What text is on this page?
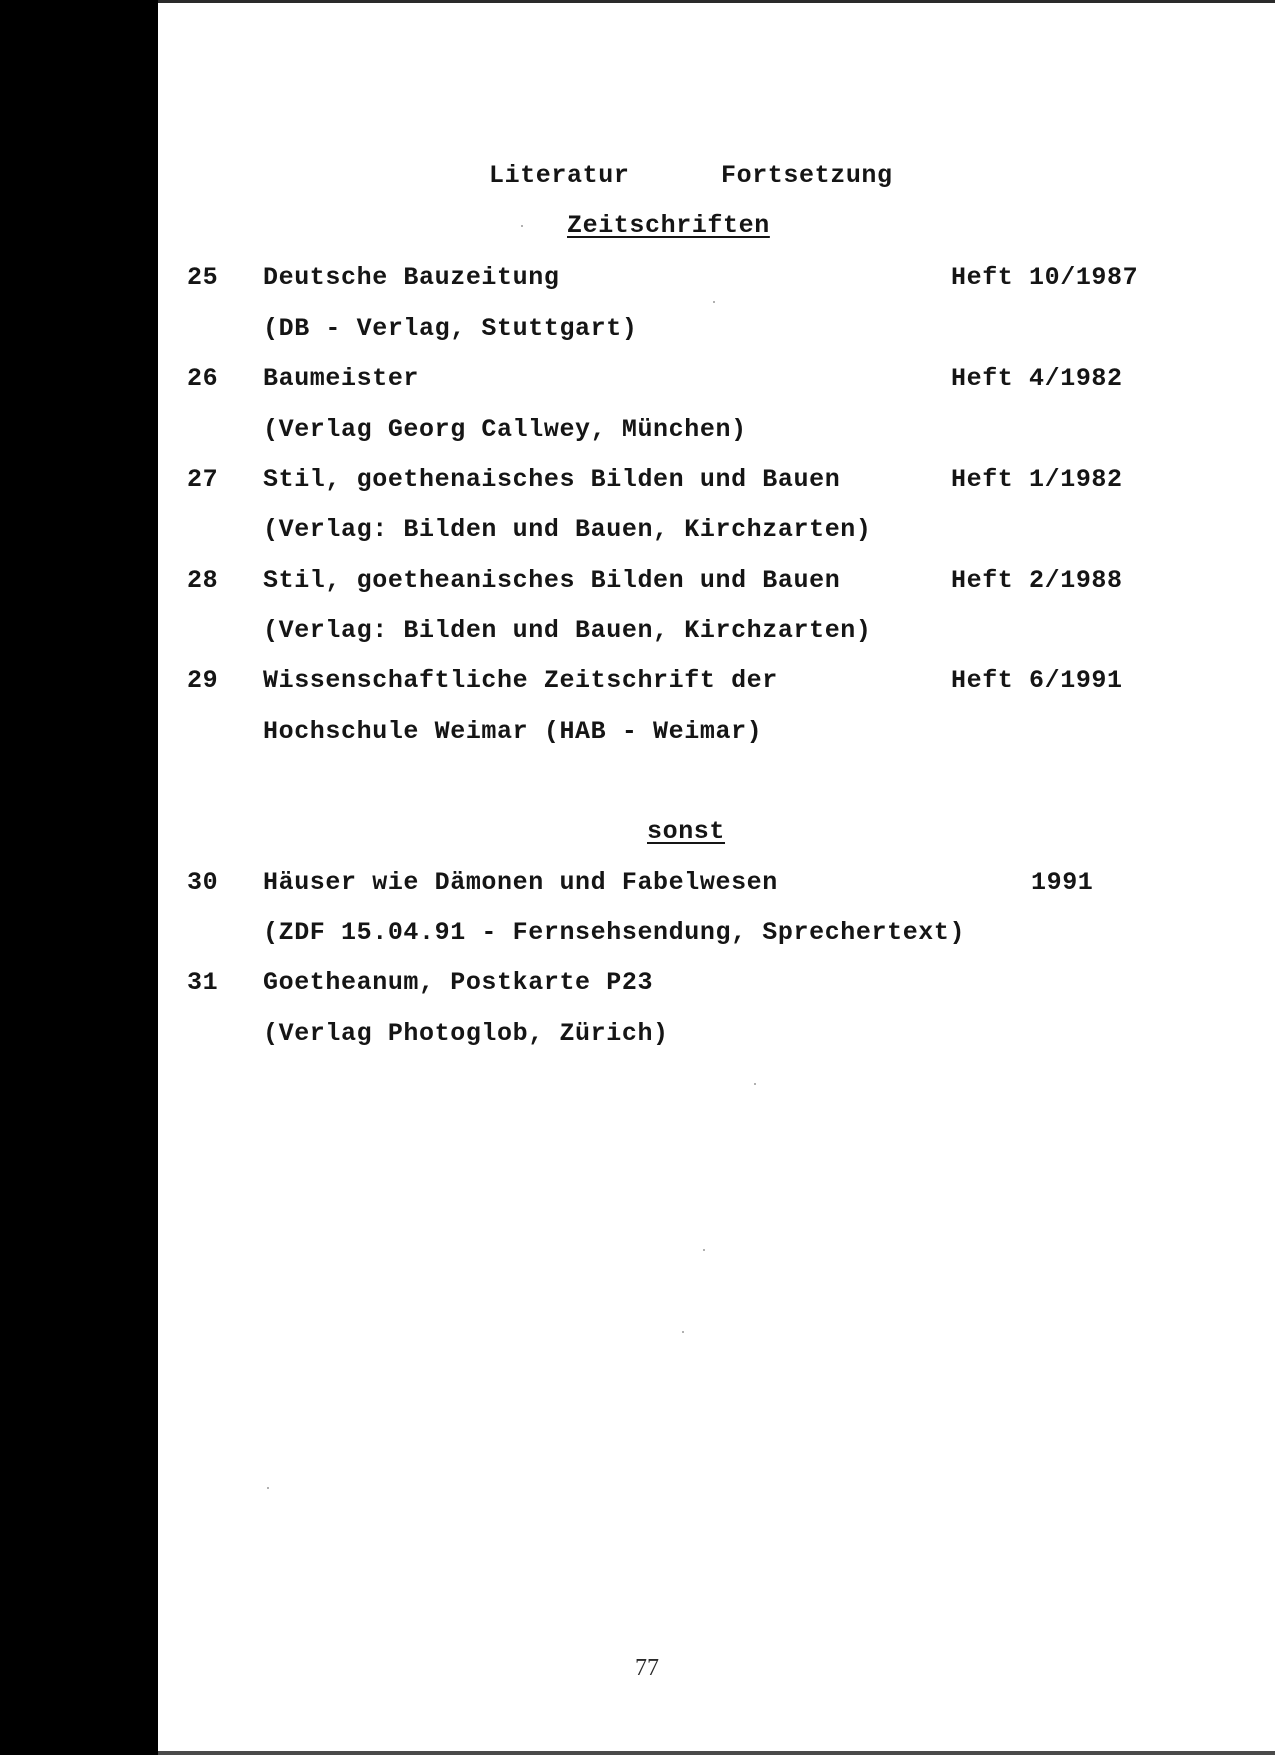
Literatur	Fortsetzung
Zeitschriften
25 Deutsche Bauzeitung	Heft 10/1987
(DB - Verlag, Stuttgart)
26 Baumeister	Heft 4/1982
(Verlag Georg Callwey, München)
27 Stil, goethenaisches Bilden und Bauen	Heft 1/1982
(Verlag: Bilden und Bauen, Kirchzarten)
28 Stil, goetheanisches Bilden und Bauen	Heft 2/1988
(Verlag: Bilden und Bauen, Kirchzarten)
29 Wissenschaftliche Zeitschrift der	Heft 6/1991
Hochschule Weimar (HAB - Weimar)
sonst
30 Häuser wie Dämonen und Fabelwesen	1991
(ZDF 15.04.91 - Fernsehsendung, Sprechertext)
31 Goetheanum, Postkarte P23
(Verlag Photoglob, Zürich)
77
